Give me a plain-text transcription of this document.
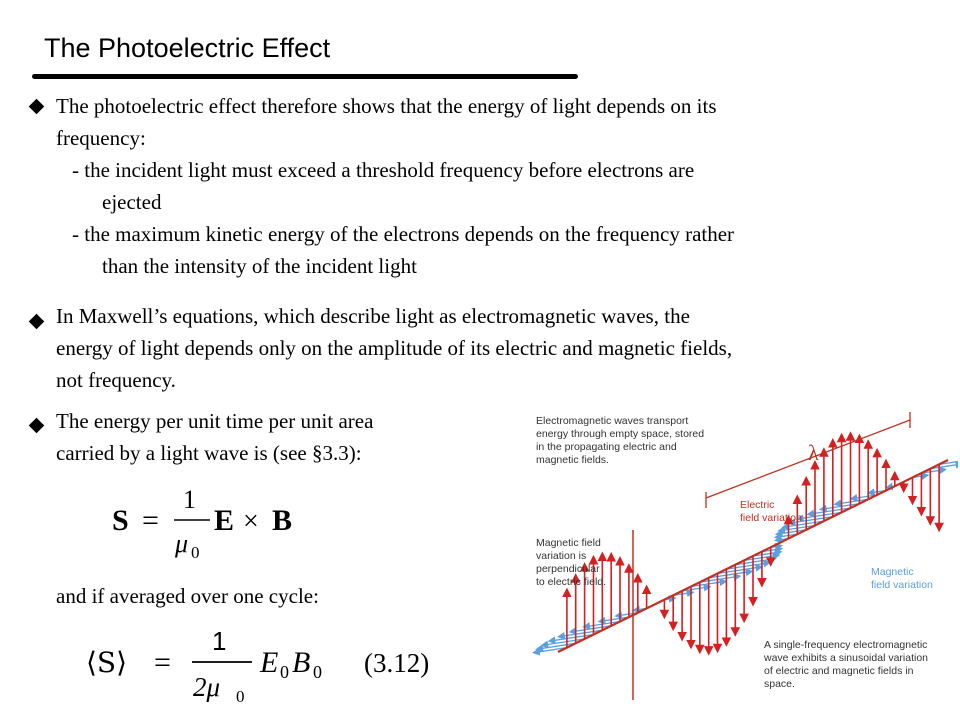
The Photoelectric Effect
The photoelectric effect therefore shows that the energy of light depends on its
frequency:
- the incident light must exceed a threshold frequency before electrons are
ejected
- the maximum kinetic energy of the electrons depends on the frequency rather
than the intensity of the incident light
In Maxwell’s equations, which describe light as electromagnetic waves, the
energy of light depends only on the amplitude of its electric and magnetic fields,
not frequency.
The energy per unit time per unit area
carried by a light wave is (see §3.3):
S =
1
μ 0
E × B
and if averaged over one cycle:
⟨S⟩ =
1
2μ 0
E 0 B 0 (3.12)
λ
Electromagnetic waves transport
energy through empty space, stored
in the propagating electric and
magnetic fields.
Electric
field variation
Magnetic field
variation is
perpendicular
to electric field.
Magnetic
field variation
A single-frequency electromagnetic
wave exhibits a sinusoidal variation
of electric and magnetic fields in
space.
